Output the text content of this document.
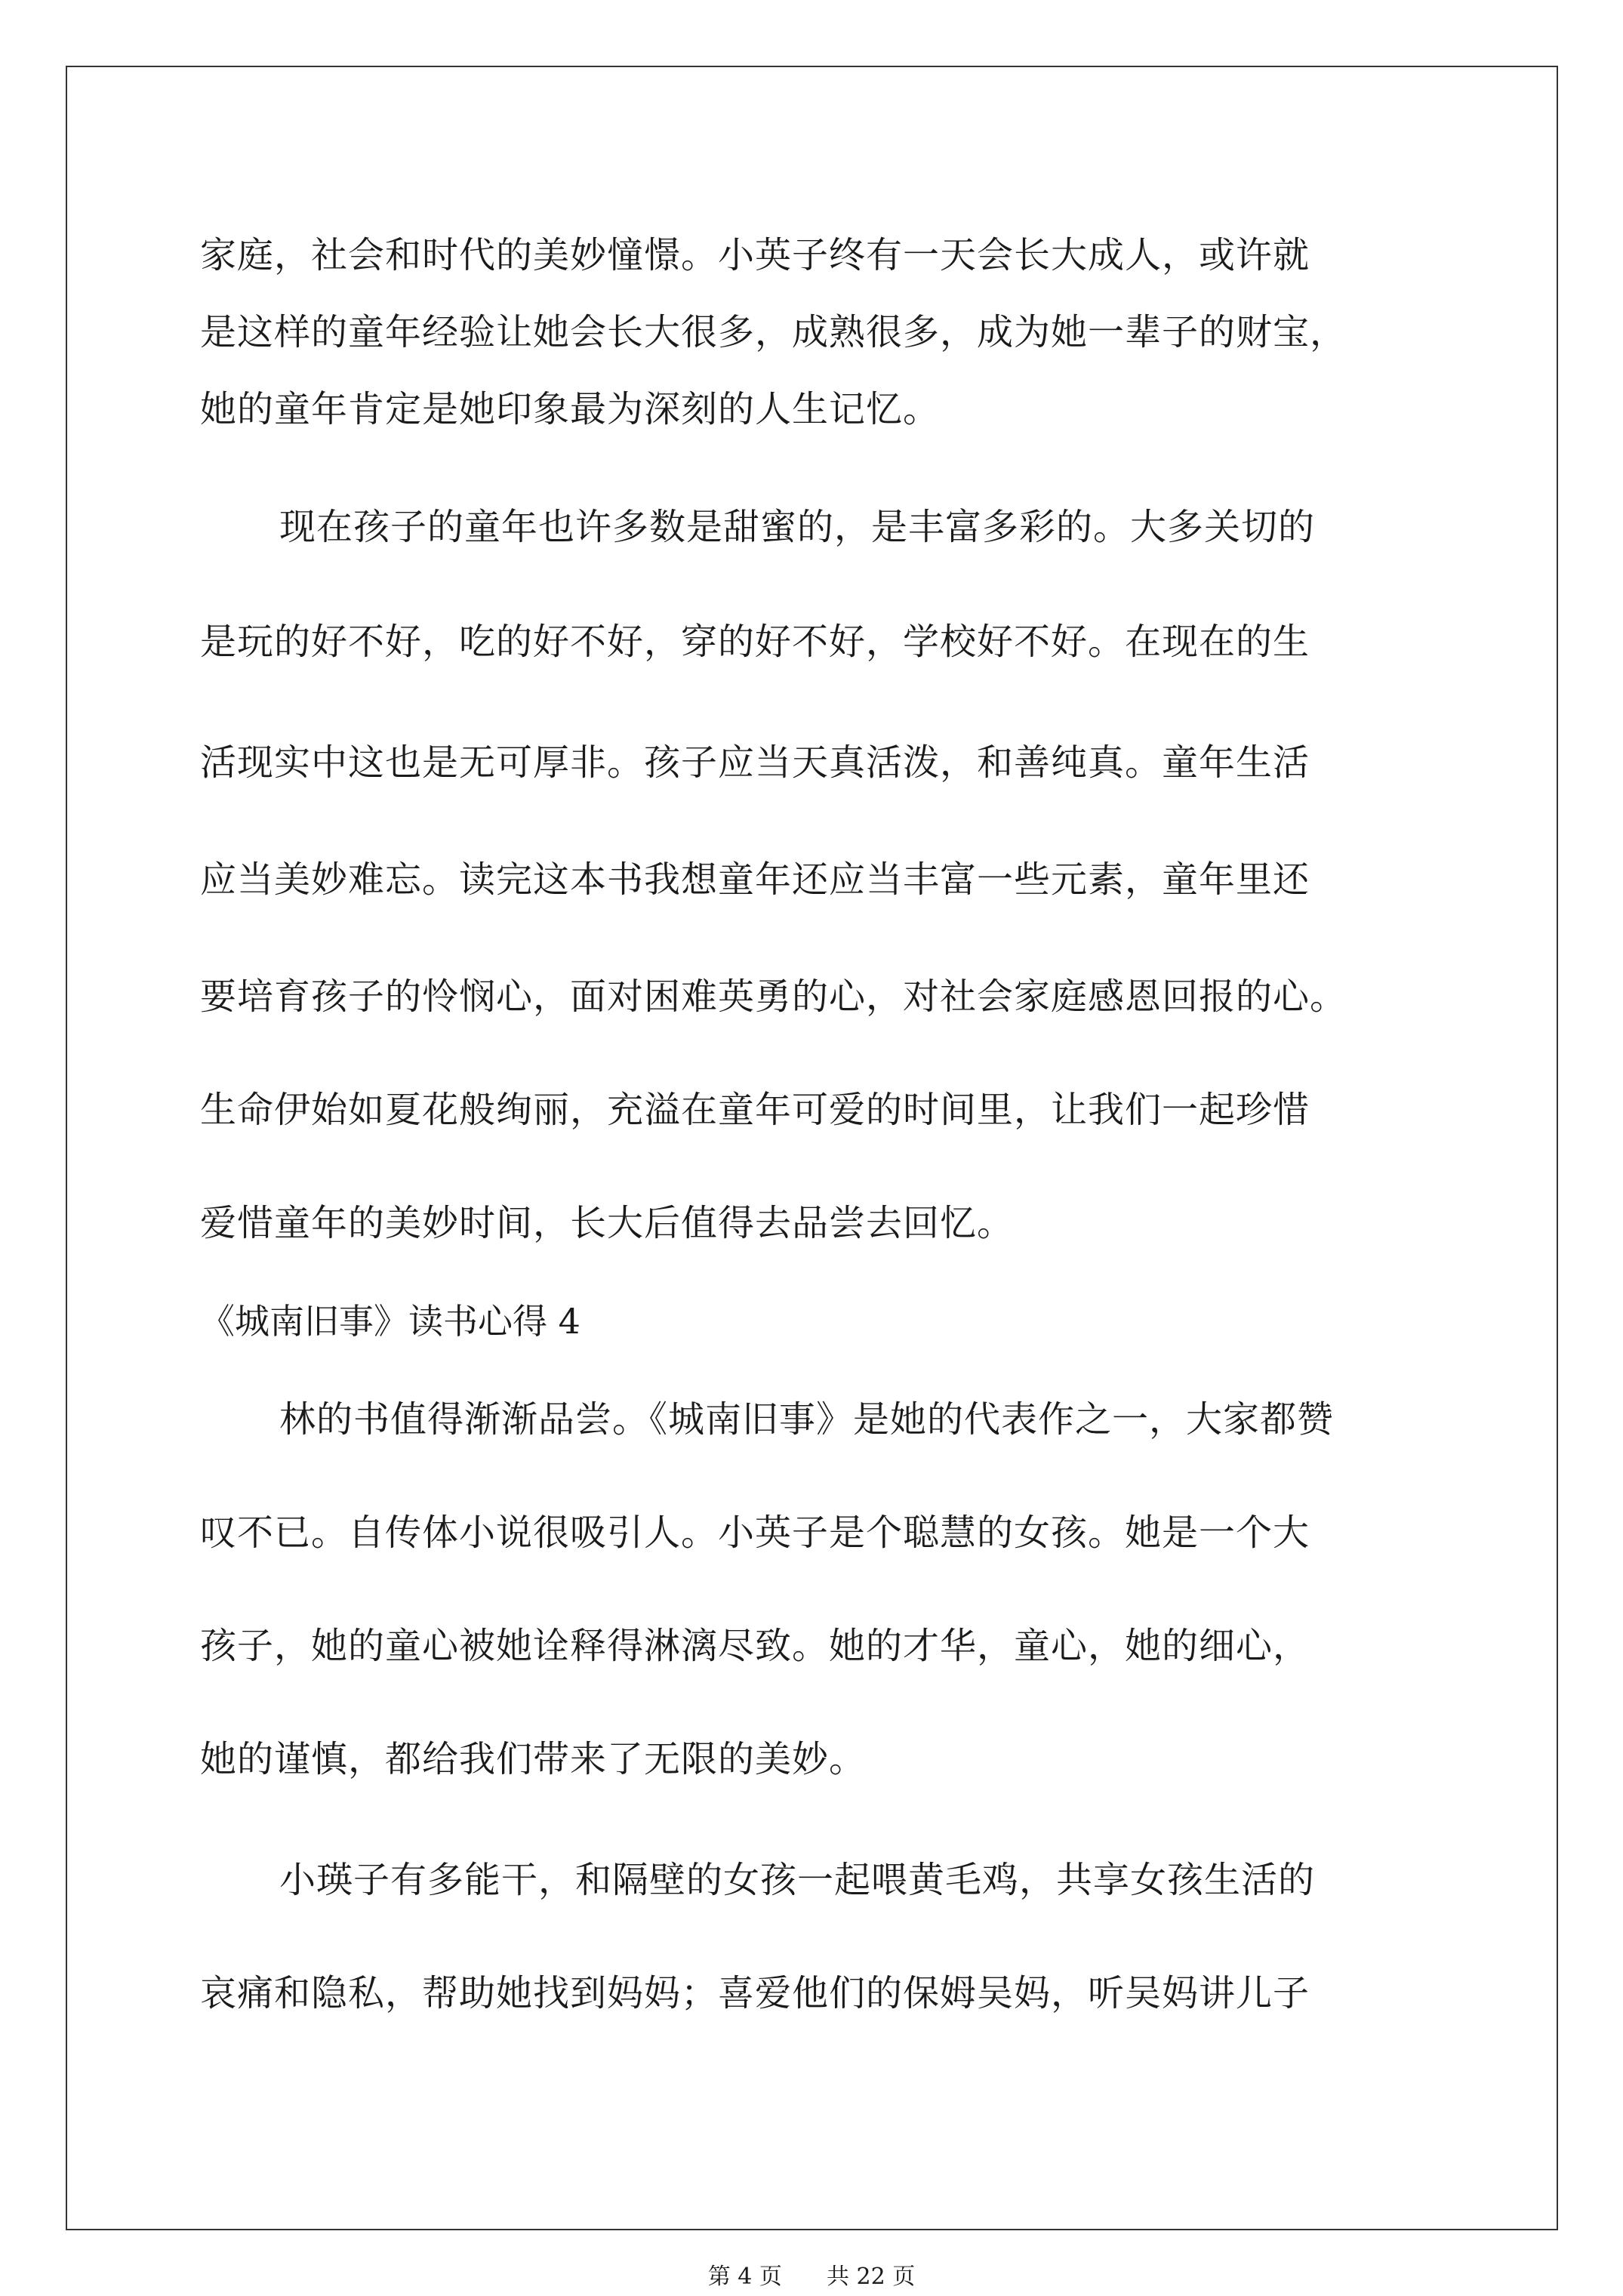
家庭，社会和时代的美妙憧憬。小英子终有一天会长大成人，或许就

是这样的童年经验让她会长大很多，成熟很多，成为她一辈子的财宝，

她的童年肯定是她印象最为深刻的人生记忆。

现在孩子的童年也许多数是甜蜜的，是丰富多彩的。大多关切的

是玩的好不好，吃的好不好，穿的好不好，学校好不好。在现在的生

活现实中这也是无可厚非。孩子应当天真活泼，和善纯真。童年生活

应当美妙难忘。读完这本书我想童年还应当丰富一些元素，童年里还

要培育孩子的怜悯心，面对困难英勇的心，对社会家庭感恩回报的心。

生命伊始如夏花般绚丽，充溢在童年可爱的时间里，让我们一起珍惜

爱惜童年的美妙时间，长大后值得去品尝去回忆。

《城南旧事》读书心得 4

林的书值得渐渐品尝。《城南旧事》是她的代表作之一，大家都赞

叹不已。自传体小说很吸引人。小英子是个聪慧的女孩。她是一个大

孩子，她的童心被她诠释得淋漓尽致。她的才华，童心，她的细心，

她的谨慎，都给我们带来了无限的美妙。

小瑛子有多能干，和隔壁的女孩一起喂黄毛鸡，共享女孩生活的

哀痛和隐私，帮助她找到妈妈；喜爱他们的保姆吴妈，听吴妈讲儿子

第 4 页 共 22 页
